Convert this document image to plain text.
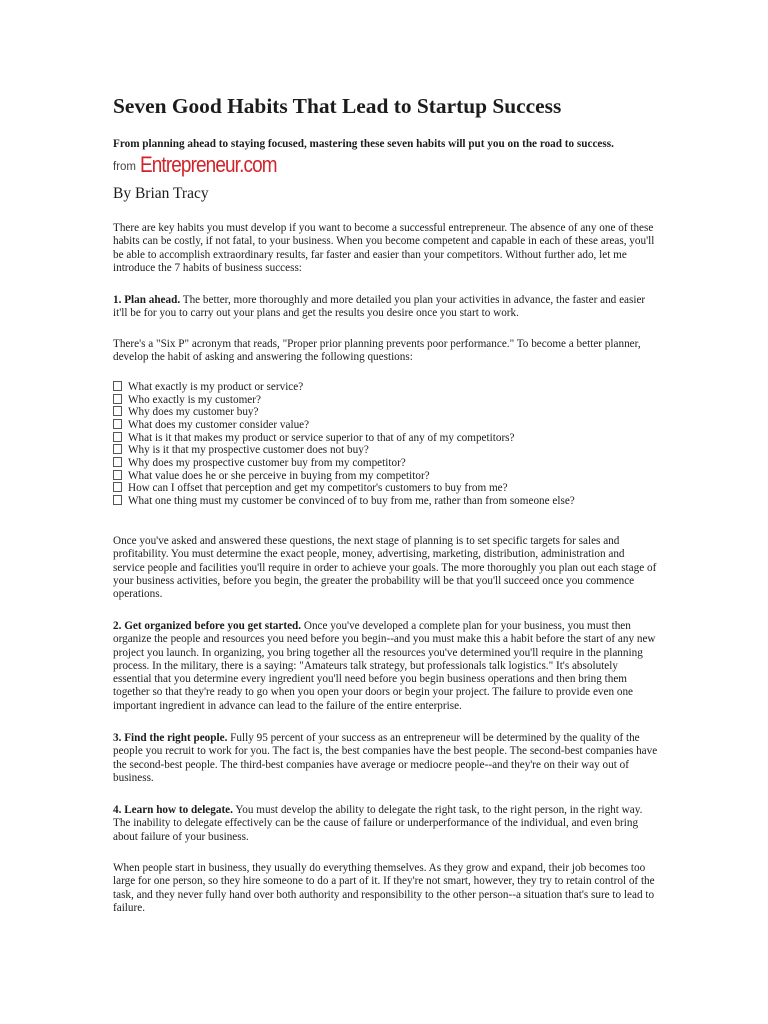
Seven Good Habits That Lead to Startup Success

From planning ahead to staying focused, mastering these seven habits will put you on the road to success.

from Entrepreneur.com

By Brian Tracy

There are key habits you must develop if you want to become a successful entrepreneur. The absence of any one of these habits can be costly, if not fatal, to your business. When you become competent and capable in each of these areas, you'll be able to accomplish extraordinary results, far faster and easier than your competitors. Without further ado, let me introduce the 7 habits of business success:

1. Plan ahead. The better, more thoroughly and more detailed you plan your activities in advance, the faster and easier it'll be for you to carry out your plans and get the results you desire once you start to work.

There's a "Six P" acronym that reads, "Proper prior planning prevents poor performance." To become a better planner, develop the habit of asking and answering the following questions:

What exactly is my product or service?
Who exactly is my customer?
Why does my customer buy?
What does my customer consider value?
What is it that makes my product or service superior to that of any of my competitors?
Why is it that my prospective customer does not buy?
Why does my prospective customer buy from my competitor?
What value does he or she perceive in buying from my competitor?
How can I offset that perception and get my competitor's customers to buy from me?
What one thing must my customer be convinced of to buy from me, rather than from someone else?

Once you've asked and answered these questions, the next stage of planning is to set specific targets for sales and profitability. You must determine the exact people, money, advertising, marketing, distribution, administration and service people and facilities you'll require in order to achieve your goals. The more thoroughly you plan out each stage of your business activities, before you begin, the greater the probability will be that you'll succeed once you commence operations.

2. Get organized before you get started. Once you've developed a complete plan for your business, you must then organize the people and resources you need before you begin--and you must make this a habit before the start of any new project you launch. In organizing, you bring together all the resources you've determined you'll require in the planning process. In the military, there is a saying: "Amateurs talk strategy, but professionals talk logistics." It's absolutely essential that you determine every ingredient you'll need before you begin business operations and then bring them together so that they're ready to go when you open your doors or begin your project. The failure to provide even one important ingredient in advance can lead to the failure of the entire enterprise.

3. Find the right people. Fully 95 percent of your success as an entrepreneur will be determined by the quality of the people you recruit to work for you. The fact is, the best companies have the best people. The second-best companies have the second-best people. The third-best companies have average or mediocre people--and they're on their way out of business.

4. Learn how to delegate. You must develop the ability to delegate the right task, to the right person, in the right way. The inability to delegate effectively can be the cause of failure or underperformance of the individual, and even bring about failure of your business.

When people start in business, they usually do everything themselves. As they grow and expand, their job becomes too large for one person, so they hire someone to do a part of it. If they're not smart, however, they try to retain control of the task, and they never fully hand over both authority and responsibility to the other person--a situation that's sure to lead to failure.
